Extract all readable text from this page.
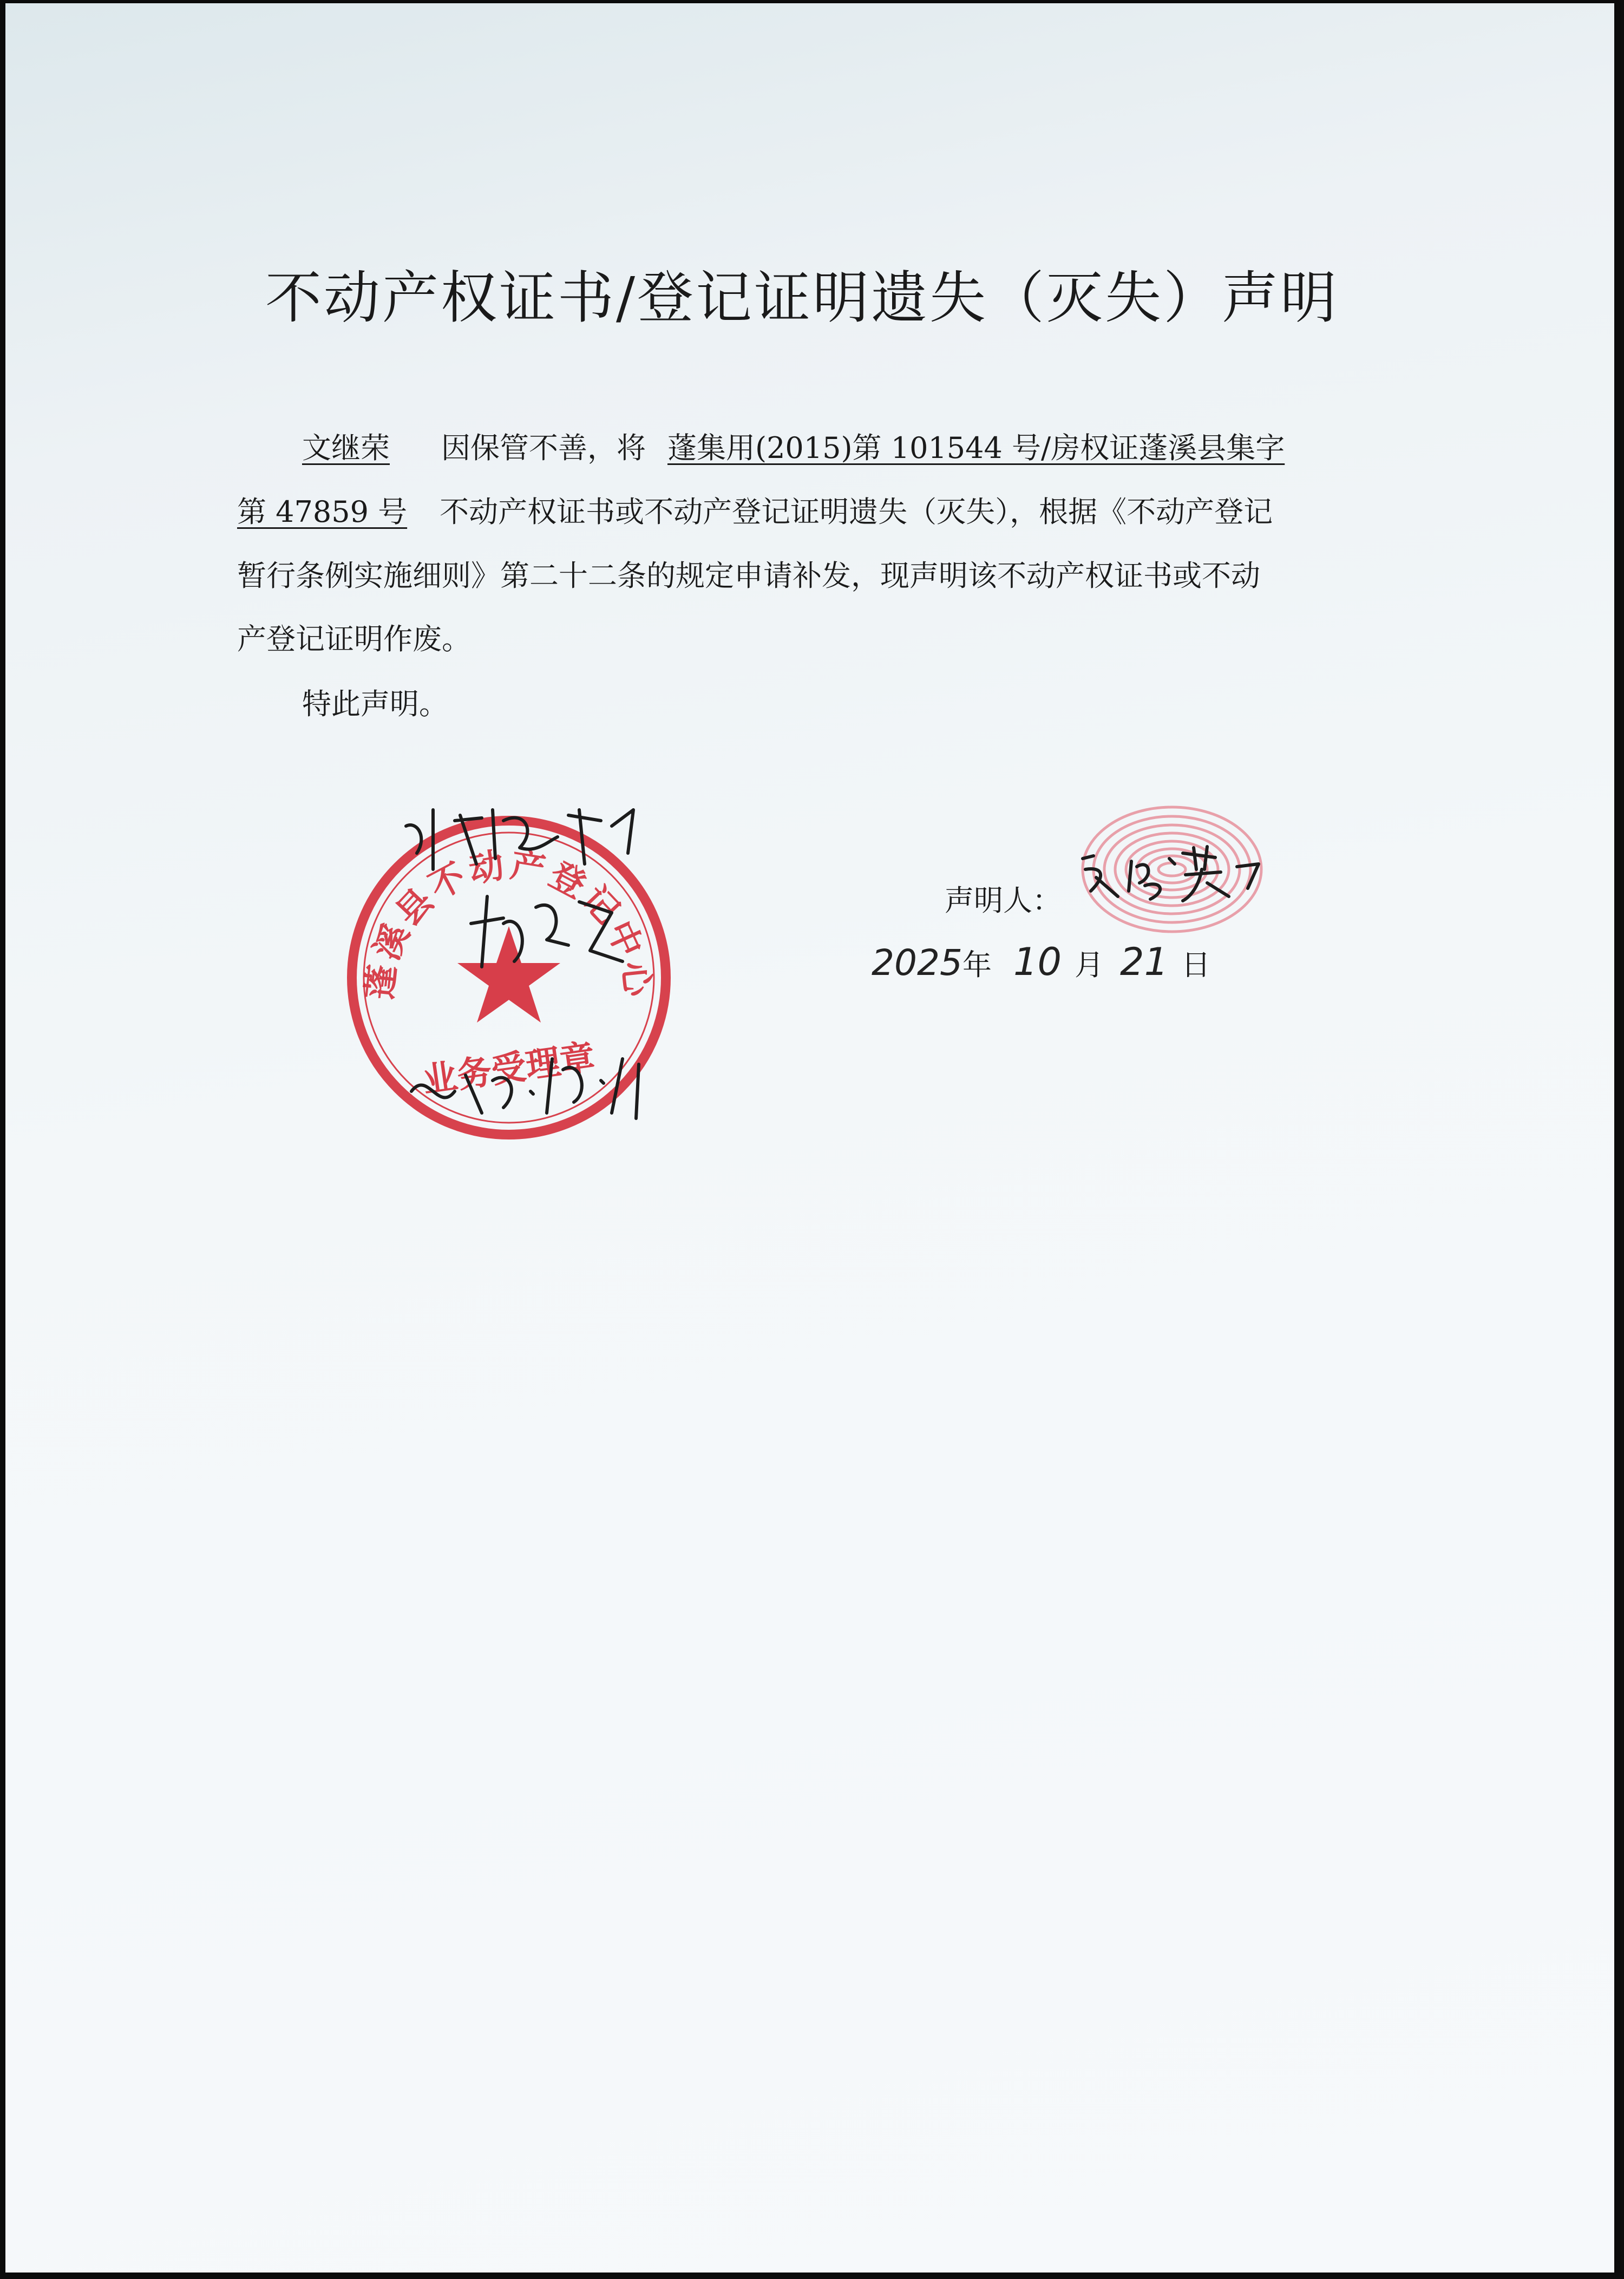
不动产权证书/登记证明遗失（灭失）声明
文继荣 因保管不善，将 蓬集用(2015)第 101544 号/房权证蓬溪县集字
第 47859 号 不动产权证书或不动产登记证明遗失（灭失），根据《不动产登记
暂行条例实施细则》第二十二条的规定申请补发，现声明该不动产权证书或不动
产登记证明作废。
特此声明。
蓬溪县不动产登记中心
业务受理章
声明人：
2025年 10 月 21 日
